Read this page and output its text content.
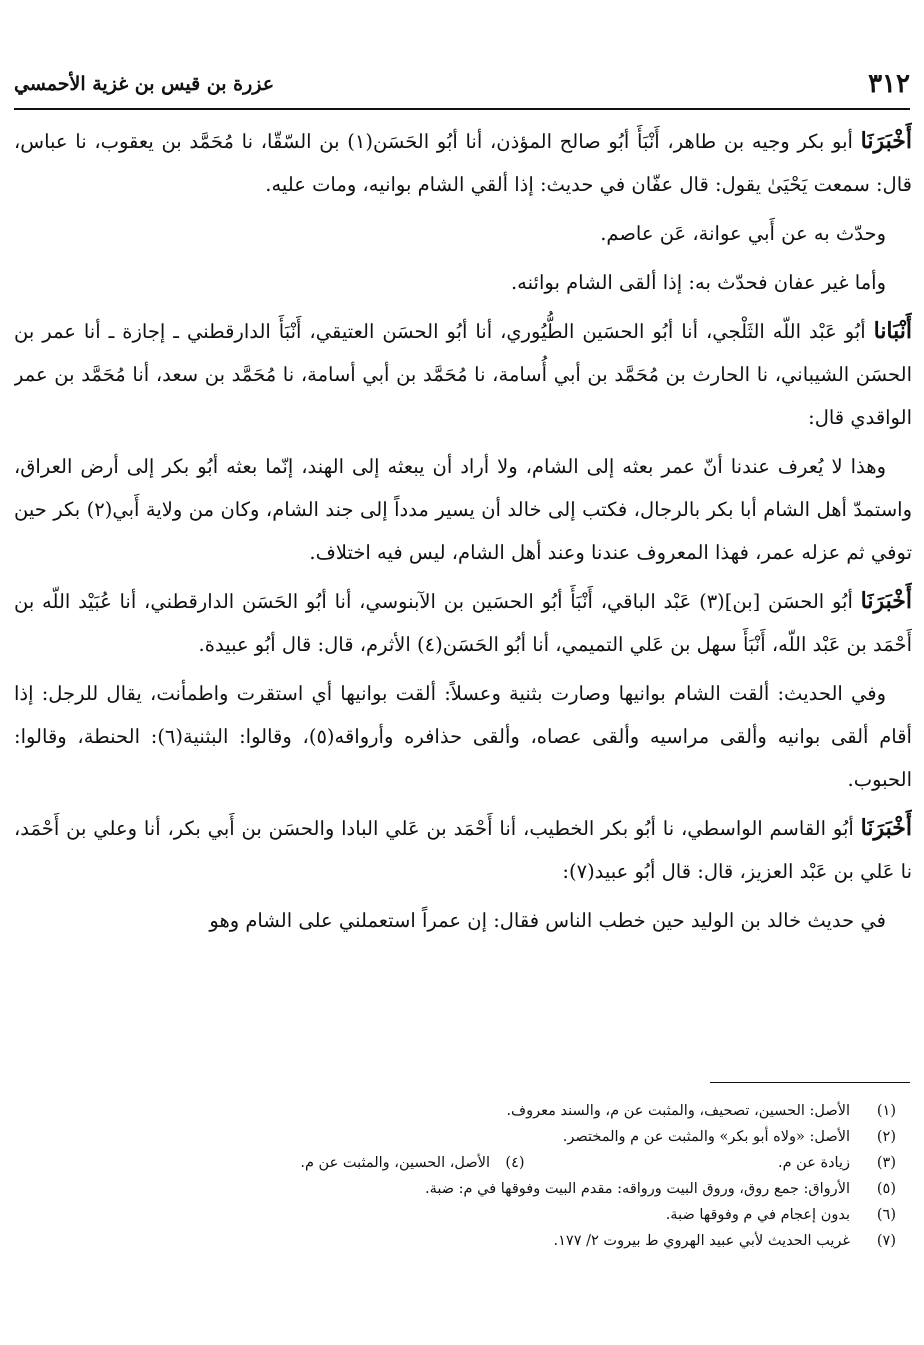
٣١٢
عزرة بن قيس بن غزية الأحمسي

أَخْبَرَنَا أبو بكر وجيه بن طاهر، أَنْبَأَ أبُو صالح المؤذن، أنا أبُو الحَسَن(١) بن السّقّا، نا مُحَمَّد بن يعقوب، نا عباس، قال: سمعت يَحْيَىٰ يقول: قال عفّان في حديث: إذا ألقي الشام بوانيه، ومات عليه.

وحدّث به عن أَبي عوانة، عَن عاصم.

وأما غير عفان فحدّث به: إذا ألقى الشام بوائنه.

أَنْبَانا أبُو عَبْد اللّه الثَلْجي، أنا أبُو الحسَين الطُّيُوري، أنا أبُو الحسَن العتيقي، أَنْبَأَ الدارقطني ـ إجازة ـ أنا عمر بن الحسَن الشيباني، نا الحارث بن مُحَمَّد بن أبي أُسامة، نا مُحَمَّد بن أبي أسامة، نا مُحَمَّد بن سعد، أنا مُحَمَّد بن عمر الواقدي قال:

وهذا لا يُعرف عندنا أنّ عمر بعثه إلى الشام، ولا أراد أن يبعثه إلى الهند، إنّما بعثه أبُو بكر إلى أرض العراق، واستمدّ أهل الشام أبا بكر بالرجال، فكتب إلى خالد أن يسير مدداً إلى جند الشام، وكان من ولاية أَبي(٢) بكر حين توفي ثم عزله عمر، فهذا المعروف عندنا وعند أهل الشام، ليس فيه اختلاف.

أَخْبَرَنَا أبُو الحسَن [بن](٣) عَبْد الباقي، أَنْبَأَ أبُو الحسَين بن الآبنوسي، أنا أبُو الحَسَن الدارقطني، أنا عُبَيْد اللّه بن أَحْمَد بن عَبْد اللّه، أَنْبَأَ سهل بن عَلي التميمي، أنا أبُو الحَسَن(٤) الأثرم، قال: قال أبُو عبيدة.

وفي الحديث: ألقت الشام بوانيها وصارت بثنية وعسلاً: ألقت بوانيها أي استقرت واطمأنت، يقال للرجل: إذا أقام ألقى بوانيه وألقى مراسيه وألقى عصاه، وألقى حذافره وأرواقه(٥)، وقالوا: البثنية(٦): الحنطة، وقالوا: الحبوب.

أَخْبَرَنَا أبُو القاسم الواسطي، نا أبُو بكر الخطيب، أنا أَحْمَد بن عَلي البادا والحسَن بن أَبي بكر، أنا وعلي بن أَحْمَد، نا عَلي بن عَبْد العزيز، قال: قال أبُو عبيد(٧):

في حديث خالد بن الوليد حين خطب الناس فقال: إن عمراً استعملني على الشام وهو

(١)
الأصل: الحسين، تصحيف، والمثبت عن م، والسند معروف.
(٢)
الأصل: «ولاه أبو بكر» والمثبت عن م والمختصر.
(٣)
زيادة عن م.
(٤)
الأصل، الحسين، والمثبت عن م.
(٥)
الأرواق: جمع روق، وروق البيت ورواقه: مقدم البيت وفوقها في م: ضبة.
(٦)
بدون إعجام في م وفوقها ضبة.
(٧)
غريب الحديث لأبي عبيد الهروي ط بيروت ٢/ ١٧٧.
